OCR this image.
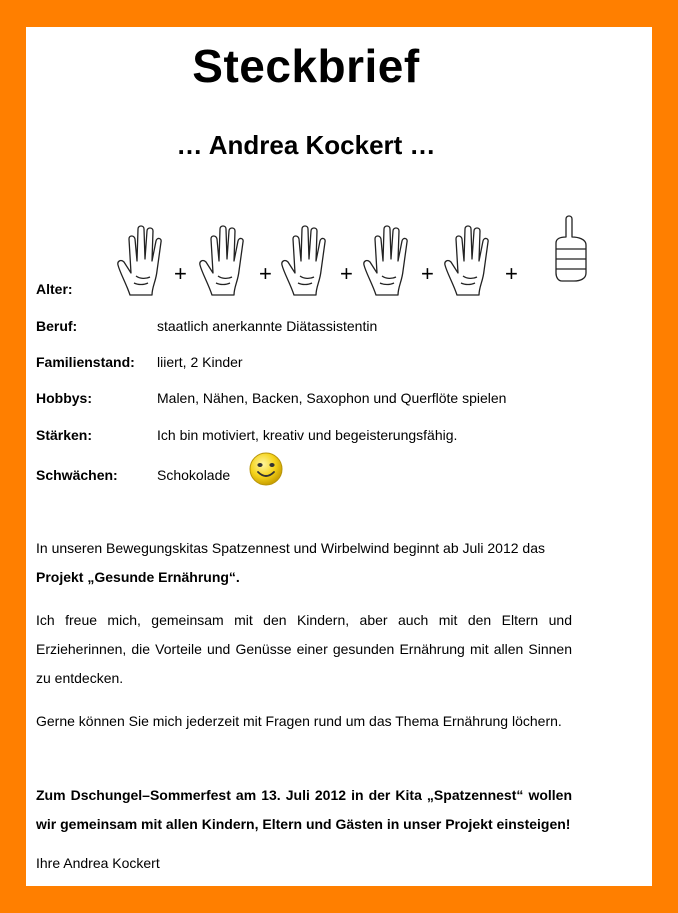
Steckbrief
… Andrea Kockert …
+	+	+	+	+
Alter:
Beruf:	staatlich anerkannte Diätassistentin
Familienstand: liiert, 2 Kinder
Hobbys:	Malen, Nähen, Backen, Saxophon und Querflöte spielen
Stärken:	Ich bin motiviert, kreativ und begeisterungsfähig.
Schwächen:	Schokolade
In unseren Bewegungskitas Spatzennest und Wirbelwind beginnt ab Juli 2012 das
Projekt „Gesunde Ernährung“.
Ich freue mich, gemeinsam mit den Kindern, aber auch mit den Eltern und Erzieherinnen, die Vorteile und Genüsse einer gesunden Ernährung mit allen Sinnen zu entdecken.
Gerne können Sie mich jederzeit mit Fragen rund um das Thema Ernährung löchern.
Zum Dschungel–Sommerfest am 13. Juli 2012 in der Kita „Spatzennest“ wollen wir gemeinsam mit allen Kindern, Eltern und Gästen in unser Projekt einsteigen!
Ihre Andrea Kockert
